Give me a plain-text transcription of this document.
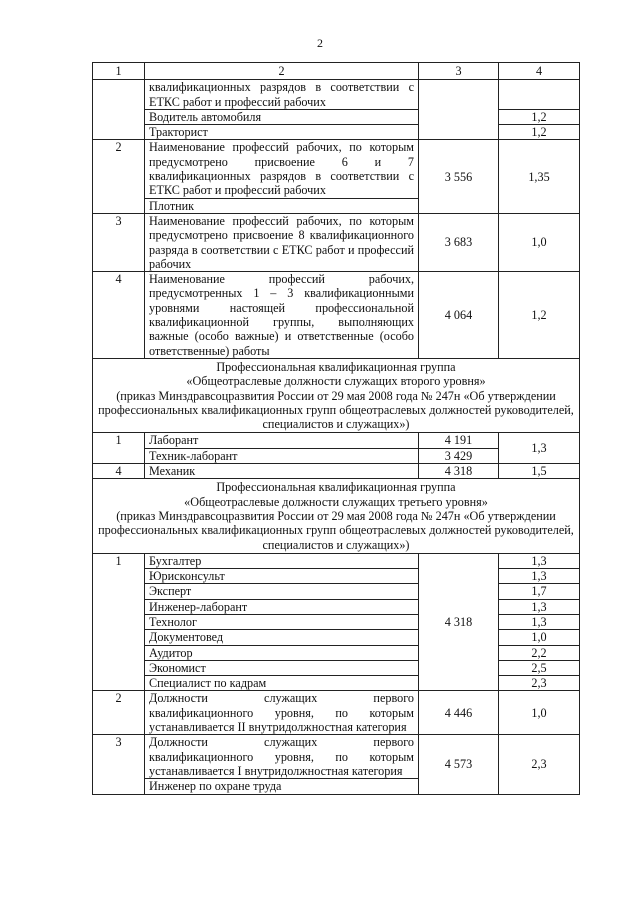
2
1	2	3	4
	квалификационных разрядов в соответствии с ЕТКС работ и профессий рабочих		
	Водитель автомобиля		1,2
	Тракторист		1,2
2	Наименование профессий рабочих, по которым предусмотрено присвоение 6 и 7 квалификационных разрядов в соответствии с ЕТКС работ и профессий рабочих	3 556	1,35
	Плотник		
3	Наименование профессий рабочих, по которым предусмотрено присвоение 8 квалификационного разряда в соответствии с ЕТКС работ и профессий рабочих	3 683	1,0
4	Наименование профессий рабочих, предусмотренных 1 – 3 квалификационными уровнями настоящей профессиональной квалификационной группы, выполняющих важные (особо важные) и ответственные (особо ответственные) работы	4 064	1,2

Профессиональная квалификационная группа
«Общеотраслевые должности служащих второго уровня»
(приказ Минздравсоцразвития России от 29 мая 2008 года № 247н «Об утверждении профессиональных квалификационных групп общеотраслевых должностей руководителей, специалистов и служащих»)			

1	Лаборант	4 191	1,3
	Техник-лаборант	3 429	
4	Механик	4 318	1,5

Профессиональная квалификационная группа
«Общеотраслевые должности служащих третьего уровня»
(приказ Минздравсоцразвития России от 29 мая 2008 года № 247н «Об утверждении профессиональных квалификационных групп общеотраслевых должностей руководителей, специалистов и служащих»)			

1	Бухгалтер	4 318	1,3
	Юрисконсульт		1,3
	Эксперт		1,7
	Инженер-лаборант		1,3
	Технолог		1,3
	Документовед		1,0
	Аудитор		2,2
	Экономист		2,5
	Специалист по кадрам		2,3
2	Должности служащих первого квалификационного уровня, по которым устанавливается II внутридолжностная категория	4 446	1,0
3	Должности служащих первого квалификационного уровня, по которым устанавливается I внутридолжностная категория	4 573	2,3
	Инженер по охране труда		
